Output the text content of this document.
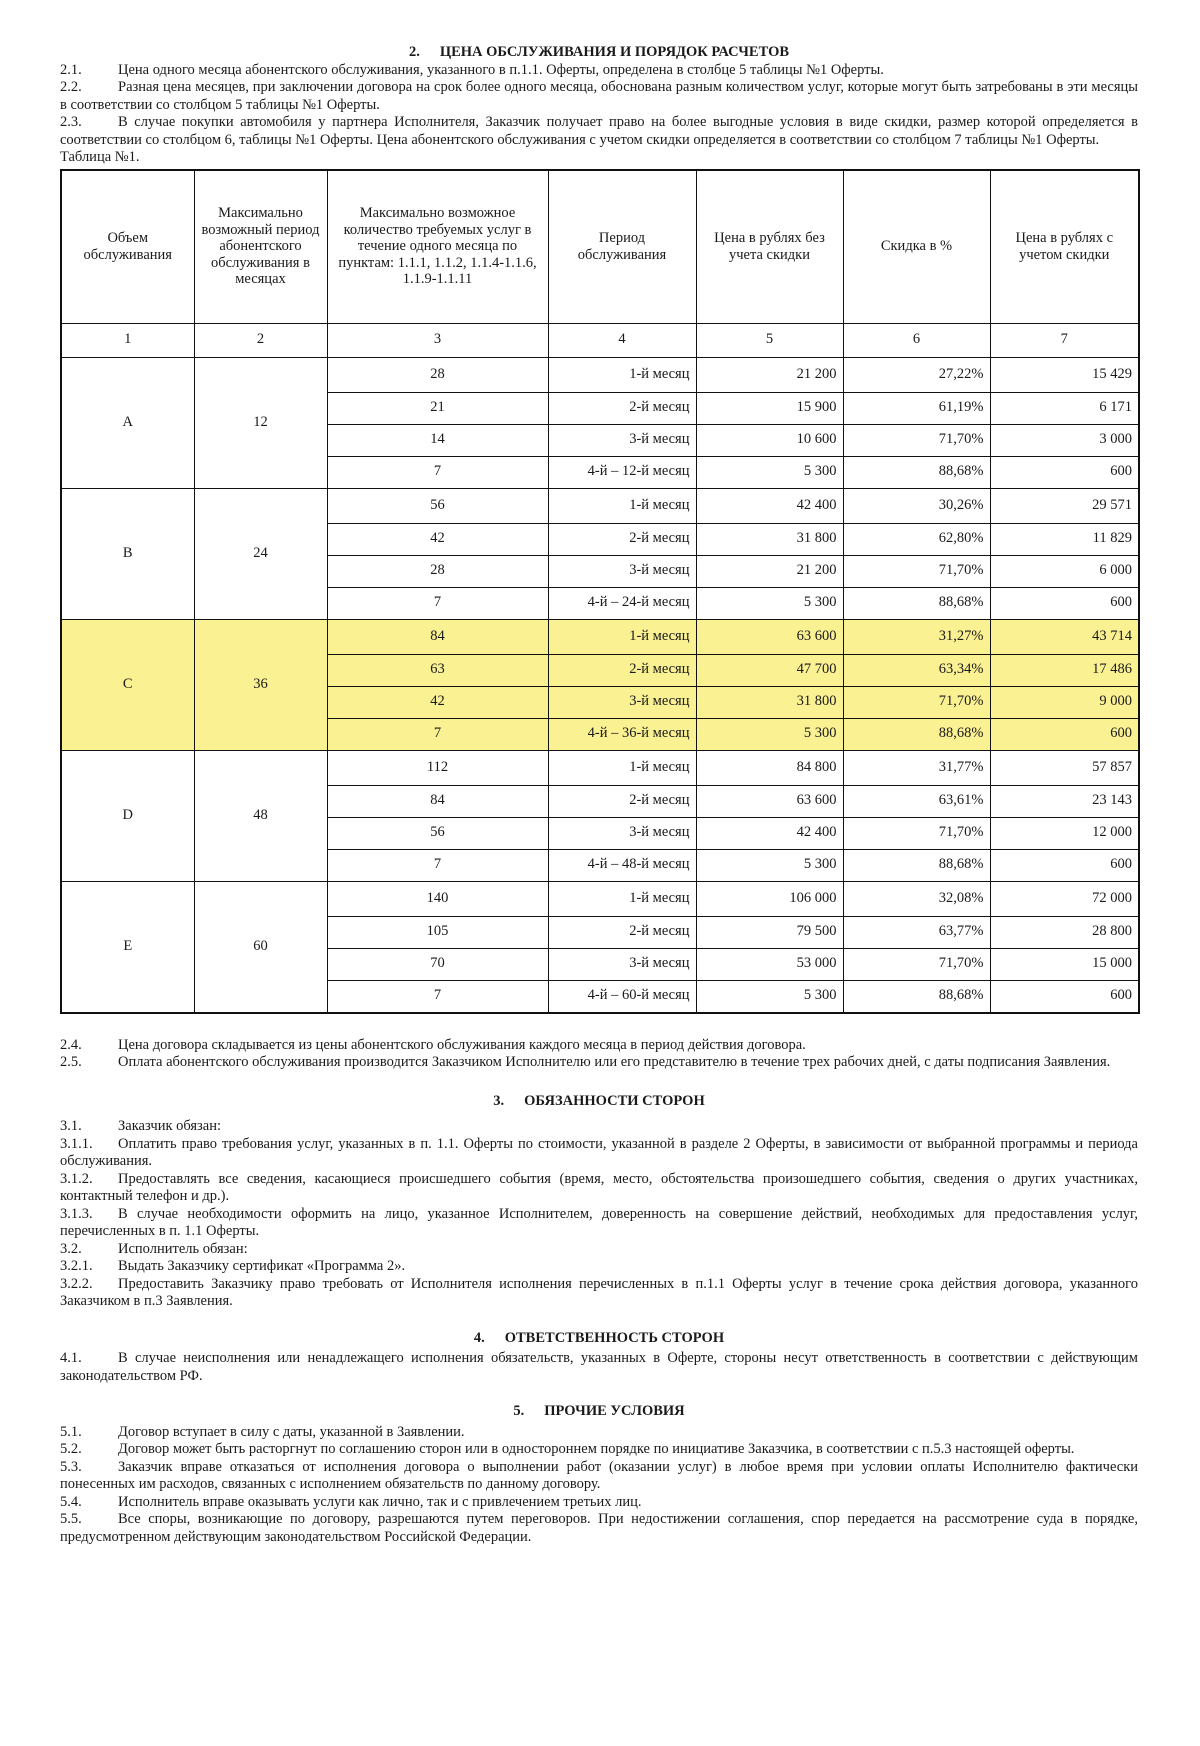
2. ЦЕНА ОБСЛУЖИВАНИЯ И ПОРЯДОК РАСЧЕТОВ

2.1.	Цена одного месяца абонентского обслуживания, указанного в п.1.1. Оферты, определена в столбце 5 таблицы №1 Оферты.

2.2.	Разная цена месяцев, при заключении договора на срок более одного месяца, обоснована разным количеством услуг, которые могут быть затребованы в эти месяцы в соответствии со столбцом 5 таблицы №1 Оферты.

2.3.	В случае покупки автомобиля у партнера Исполнителя, Заказчик получает право на более выгодные условия в виде скидки, размер которой определяется в соответствии со столбцом 6, таблицы №1 Оферты. Цена абонентского обслуживания с учетом скидки определяется в соответствии со столбцом 7 таблицы №1 Оферты.

Таблица №1.

Объем обслуживания	Максимально возможный период абонентского обслуживания в месяцах	Максимально возможное количество требуемых услуг в течение одного месяца по пунктам: 1.1.1, 1.1.2, 1.1.4-1.1.6, 1.1.9-1.1.11	Период обслуживания	Цена в рублях без учета скидки	Скидка в %	Цена в рублях с учетом скидки
1	2	3	4	5	6	7
A	12	28	1-й месяц	21 200	27,22%	15 429
		21	2-й месяц	15 900	61,19%	6 171
		14	3-й месяц	10 600	71,70%	3 000
		7	4-й – 12-й месяц	5 300	88,68%	600
B	24	56	1-й месяц	42 400	30,26%	29 571
		42	2-й месяц	31 800	62,80%	11 829
		28	3-й месяц	21 200	71,70%	6 000
		7	4-й – 24-й месяц	5 300	88,68%	600
C	36	84	1-й месяц	63 600	31,27%	43 714
		63	2-й месяц	47 700	63,34%	17 486
		42	3-й месяц	31 800	71,70%	9 000
		7	4-й – 36-й месяц	5 300	88,68%	600
D	48	112	1-й месяц	84 800	31,77%	57 857
		84	2-й месяц	63 600	63,61%	23 143
		56	3-й месяц	42 400	71,70%	12 000
		7	4-й – 48-й месяц	5 300	88,68%	600
E	60	140	1-й месяц	106 000	32,08%	72 000
		105	2-й месяц	79 500	63,77%	28 800
		70	3-й месяц	53 000	71,70%	15 000
		7	4-й – 60-й месяц	5 300	88,68%	600

2.4.	Цена договора складывается из цены абонентского обслуживания каждого месяца в период действия договора.

2.5.	Оплата абонентского обслуживания производится Заказчиком Исполнителю или его представителю в течение трех рабочих дней, с даты подписания Заявления.

3. ОБЯЗАННОСТИ СТОРОН

3.1.	Заказчик обязан:

3.1.1. Оплатить право требования услуг, указанных в п. 1.1. Оферты по стоимости, указанной в разделе 2 Оферты, в зависимости от выбранной программы и периода обслуживания.

3.1.2. Предоставлять все сведения, касающиеся происшедшего события (время, место, обстоятельства произошедшего события, сведения о других участниках, контактный телефон и др.).

3.1.3. В случае необходимости оформить на лицо, указанное Исполнителем, доверенность на совершение действий, необходимых для предоставления услуг, перечисленных в п. 1.1 Оферты.

3.2.	Исполнитель обязан:

3.2.1. Выдать Заказчику сертификат «Программа 2».

3.2.2. Предоставить Заказчику право требовать от Исполнителя исполнения перечисленных в п.1.1 Оферты услуг в течение срока действия договора, указанного Заказчиком в п.3 Заявления.

4. ОТВЕТСТВЕННОСТЬ СТОРОН

4.1.	В случае неисполнения или ненадлежащего исполнения обязательств, указанных в Оферте, стороны несут ответственность в соответствии с действующим законодательством РФ.

5. ПРОЧИЕ УСЛОВИЯ

5.1.	Договор вступает в силу с даты, указанной в Заявлении.

5.2.	Договор может быть расторгнут по соглашению сторон или в одностороннем порядке по инициативе Заказчика, в соответствии с п.5.3 настоящей оферты.

5.3.	Заказчик вправе отказаться от исполнения договора о выполнении работ (оказании услуг) в любое время при условии оплаты Исполнителю фактически понесенных им расходов, связанных с исполнением обязательств по данному договору.

5.4.	Исполнитель вправе оказывать услуги как лично, так и с привлечением третьих лиц.

5.5.	Все споры, возникающие по договору, разрешаются путем переговоров. При недостижении соглашения, спор передается на рассмотрение суда в порядке, предусмотренном действующим законодательством Российской Федерации.
